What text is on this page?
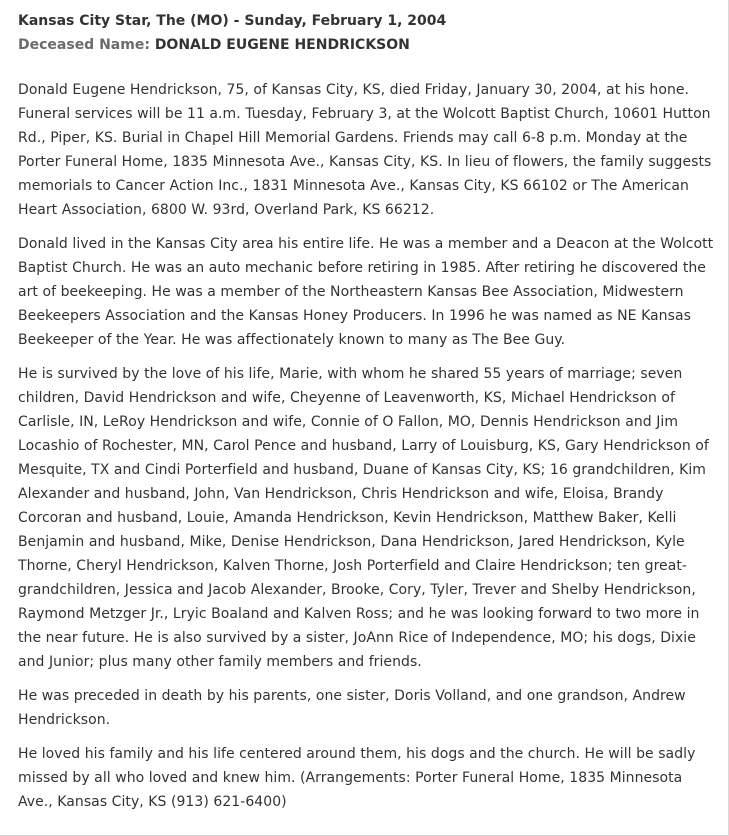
Kansas City Star, The (MO) - Sunday, February 1, 2004
Deceased Name: DONALD EUGENE HENDRICKSON

Donald Eugene Hendrickson, 75, of Kansas City, KS, died Friday, January 30, 2004, at his hone. Funeral services will be 11 a.m. Tuesday, February 3, at the Wolcott Baptist Church, 10601 Hutton Rd., Piper, KS. Burial in Chapel Hill Memorial Gardens. Friends may call 6-8 p.m. Monday at the Porter Funeral Home, 1835 Minnesota Ave., Kansas City, KS. In lieu of flowers, the family suggests memorials to Cancer Action Inc., 1831 Minnesota Ave., Kansas City, KS 66102 or The American Heart Association, 6800 W. 93rd, Overland Park, KS 66212.

Donald lived in the Kansas City area his entire life. He was a member and a Deacon at the Wolcott Baptist Church. He was an auto mechanic before retiring in 1985. After retiring he discovered the art of beekeeping. He was a member of the Northeastern Kansas Bee Association, Midwestern Beekeepers Association and the Kansas Honey Producers. In 1996 he was named as NE Kansas Beekeeper of the Year. He was affectionately known to many as The Bee Guy.

He is survived by the love of his life, Marie, with whom he shared 55 years of marriage; seven children, David Hendrickson and wife, Cheyenne of Leavenworth, KS, Michael Hendrickson of Carlisle, IN, LeRoy Hendrickson and wife, Connie of O Fallon, MO, Dennis Hendrickson and Jim Locashio of Rochester, MN, Carol Pence and husband, Larry of Louisburg, KS, Gary Hendrickson of Mesquite, TX and Cindi Porterfield and husband, Duane of Kansas City, KS; 16 grandchildren, Kim Alexander and husband, John, Van Hendrickson, Chris Hendrickson and wife, Eloisa, Brandy Corcoran and husband, Louie, Amanda Hendrickson, Kevin Hendrickson, Matthew Baker, Kelli Benjamin and husband, Mike, Denise Hendrickson, Dana Hendrickson, Jared Hendrickson, Kyle Thorne, Cheryl Hendrickson, Kalven Thorne, Josh Porterfield and Claire Hendrickson; ten great-grandchildren, Jessica and Jacob Alexander, Brooke, Cory, Tyler, Trever and Shelby Hendrickson, Raymond Metzger Jr., Lryic Boaland and Kalven Ross; and he was looking forward to two more in the near future. He is also survived by a sister, JoAnn Rice of Independence, MO; his dogs, Dixie and Junior; plus many other family members and friends.

He was preceded in death by his parents, one sister, Doris Volland, and one grandson, Andrew Hendrickson.

He loved his family and his life centered around them, his dogs and the church. He will be sadly missed by all who loved and knew him. (Arrangements: Porter Funeral Home, 1835 Minnesota Ave., Kansas City, KS (913) 621-6400)
